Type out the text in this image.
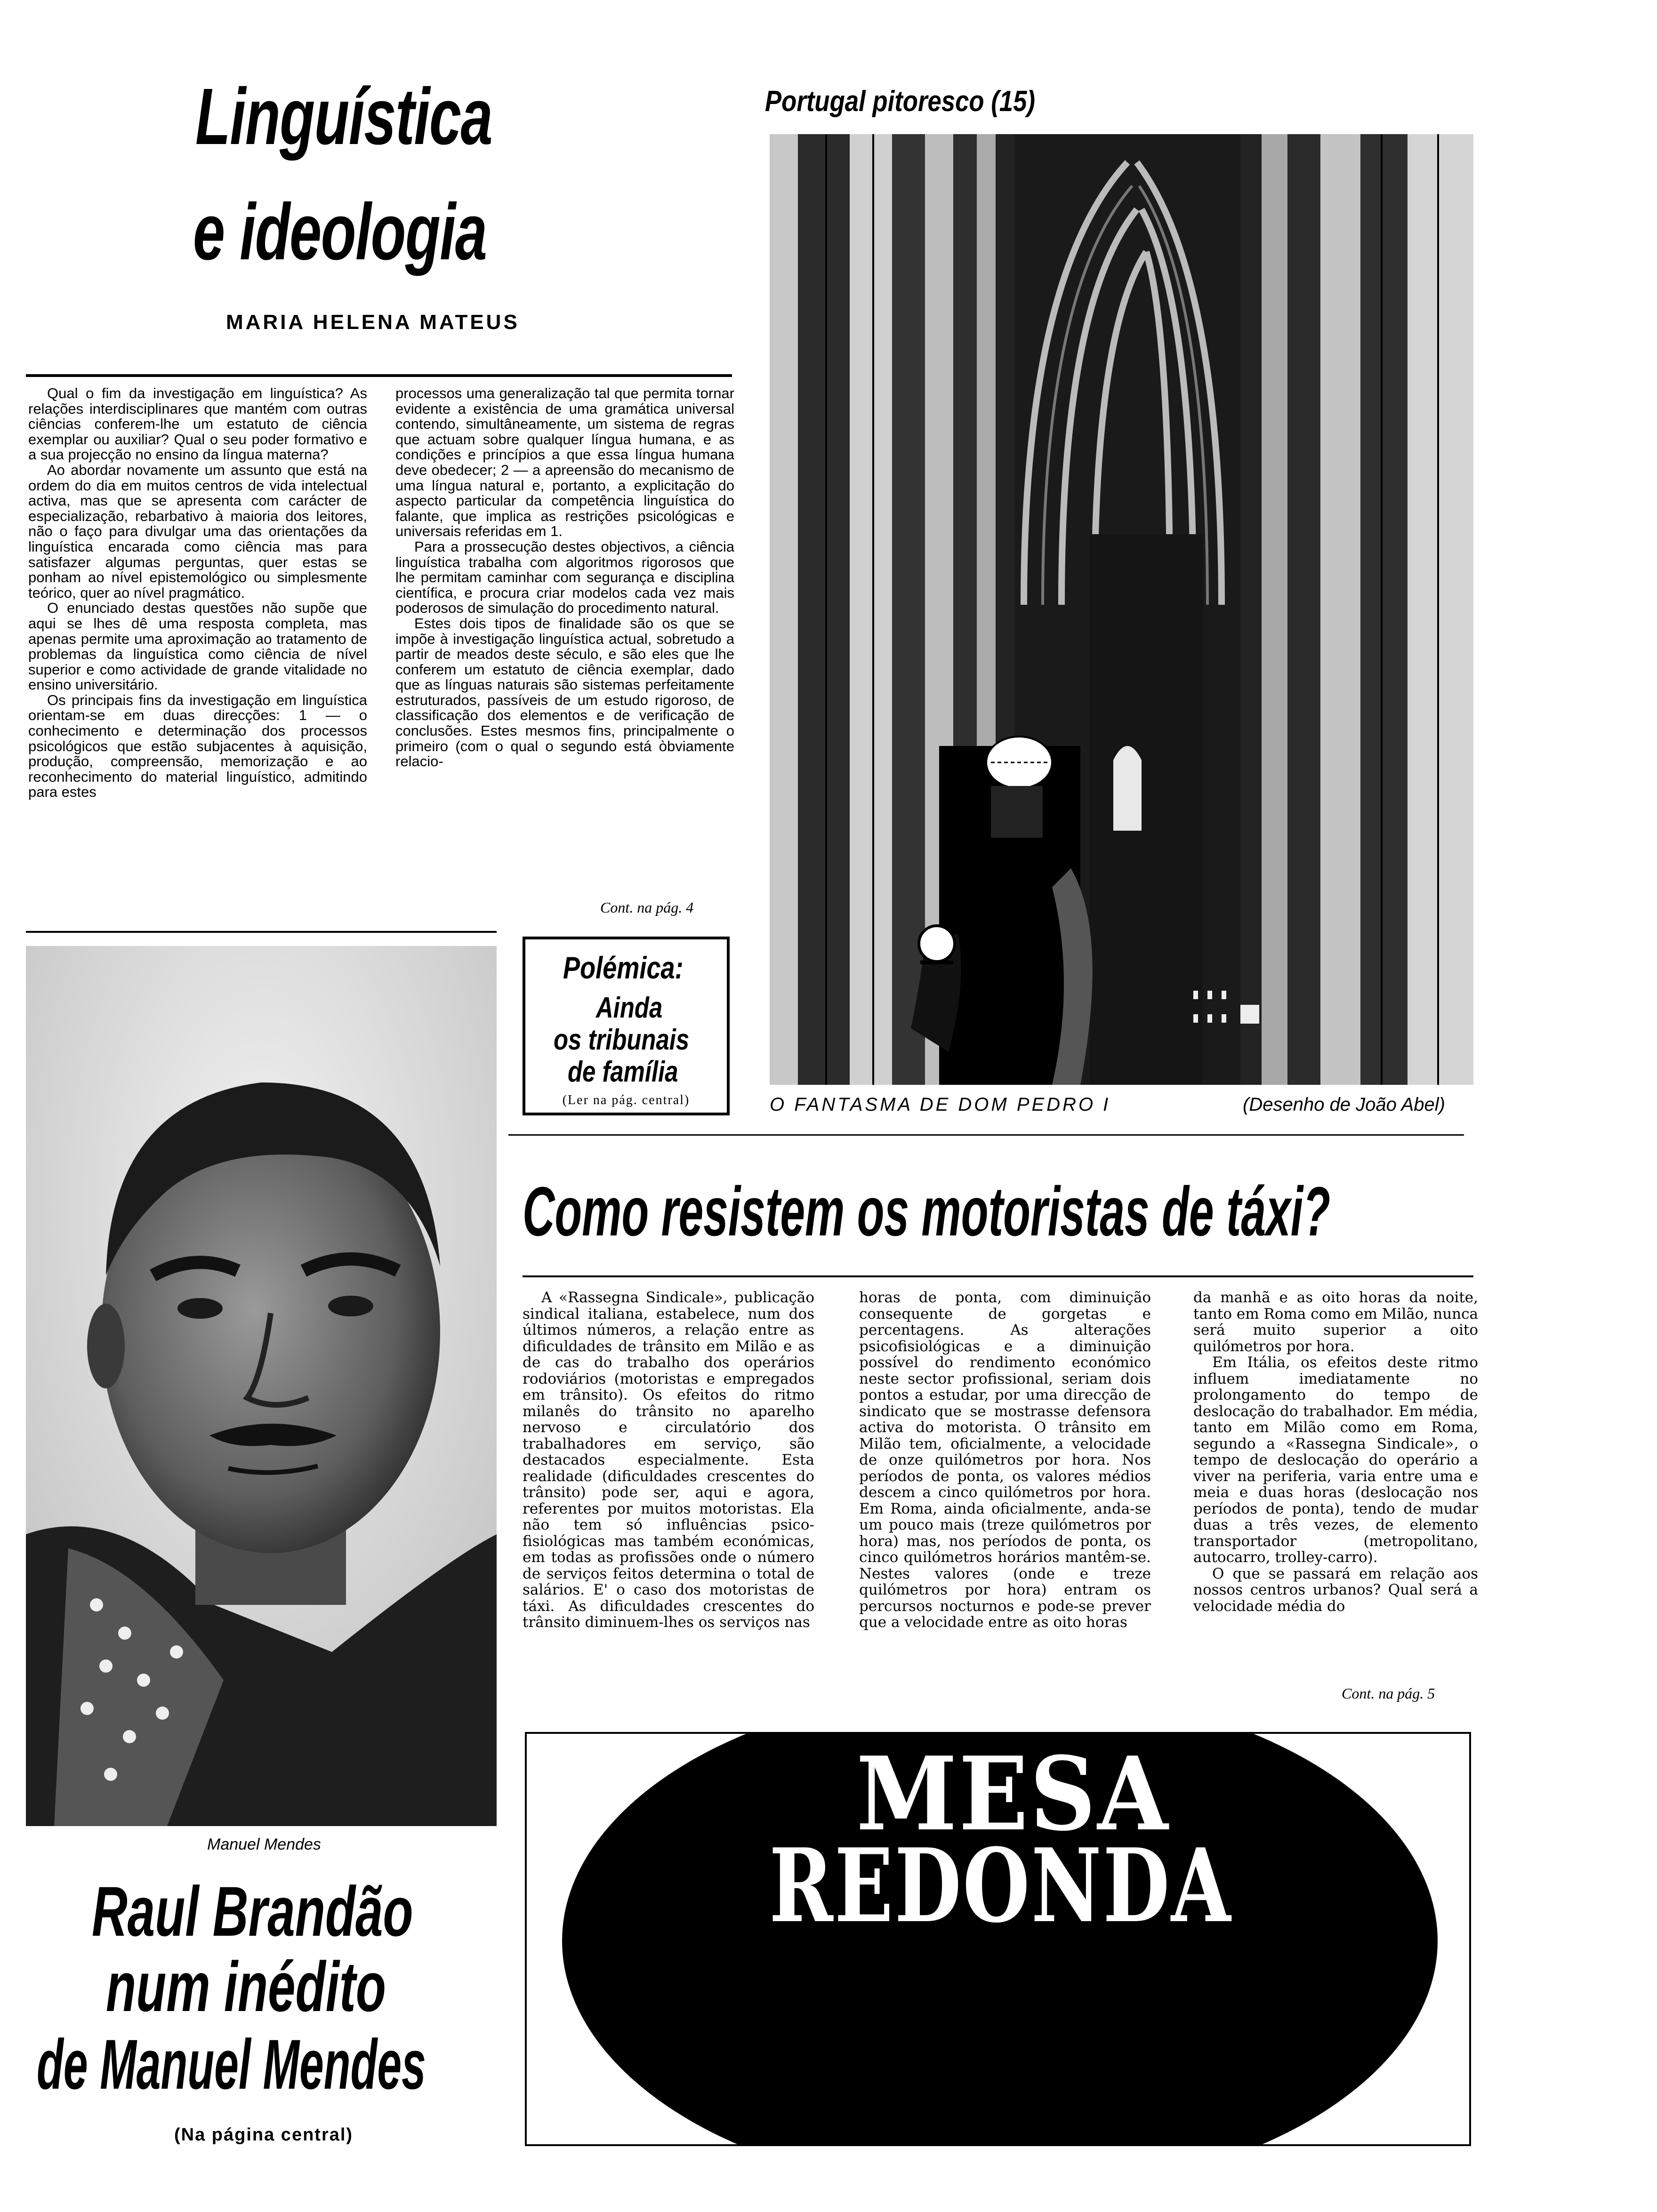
Linguística
e ideologia
MARIA HELENA MATEUS

Qual o fim da investigação em linguística? As relações interdisciplinares que mantém com outras ciências conferem-lhe um estatuto de ciência exemplar ou auxiliar? Qual o seu poder formativo e a sua projecção no ensino da língua materna?

Ao abordar novamente um assunto que está na ordem do dia em muitos centros de vida intelectual activa, mas que se apresenta com carácter de especialização, rebarbativo à maioria dos leitores, não o faço para divulgar uma das orientações da linguística encarada como ciência mas para satisfazer algumas perguntas, quer estas se ponham ao nível epistemológico ou simplesmente teórico, quer ao nível pragmático.

O enunciado destas questões não supõe que aqui se lhes dê uma resposta completa, mas apenas permite uma aproximação ao tratamento de problemas da linguística como ciência de nível superior e como actividade de grande vitalidade no ensino universitário.

Os principais fins da investigação em linguística orientam-se em duas direcções: 1 — o conhecimento e determinação dos processos psicológicos que estão subjacentes à aquisição, produção, compreensão, memorização e ao reconhecimento do material linguístico, admitindo para estes

processos uma generalização tal que permita tornar evidente a existência de uma gramática universal contendo, simultâneamente, um sistema de regras que actuam sobre qualquer língua humana, e as condições e princípios a que essa língua humana deve obedecer; 2 — a apreensão do mecanismo de uma língua natural e, portanto, a explicitação do aspecto particular da competência linguística do falante, que implica as restrições psicológicas e universais referidas em 1.

Para a prossecução destes objectivos, a ciência linguística trabalha com algoritmos rigorosos que lhe permitam caminhar com segurança e disciplina científica, e procura criar modelos cada vez mais poderosos de simulação do procedimento natural.

Estes dois tipos de finalidade são os que se impõe à investigação linguística actual, sobretudo a partir de meados deste século, e são eles que lhe conferem um estatuto de ciência exemplar, dado que as línguas naturais são sistemas perfeitamente estruturados, passíveis de um estudo rigoroso, de classificação dos elementos e de verificação de conclusões. Estes mesmos fins, principalmente o primeiro (com o qual o segundo está òbviamente relacio-

Cont. na pág. 4
Portugal pitoresco (15)
O FANTASMA DE DOM PEDRO I	(Desenho de João Abel)
Polémica:
Ainda
os tribunais
de família
(Ler na pág. central)
Manuel Mendes
Raul Brandão
num inédito
de Manuel Mendes
(Na página central)
Como resistem os motoristas de táxi?

A «Rassegna Sindicale», publicação sindical italiana, estabelece, num dos últimos números, a relação entre as dificuldades de trânsito em Milão e as de cas do trabalho dos operários rodoviários (motoristas e empregados em trânsito). Os efeitos do ritmo milanês do trânsito no aparelho nervoso e circulatório dos trabalhadores em serviço, são destacados especialmente. Esta realidade (dificuldades crescentes do trânsito) pode ser, aqui e agora, referentes por muitos motoristas. Ela não tem só influências psico-fisiológicas mas também económicas, em todas as profissões onde o número de serviços feitos determina o total de salários. E' o caso dos motoristas de táxi. As dificuldades crescentes do trânsito diminuem-lhes os serviços nas

horas de ponta, com diminuição consequente de gorgetas e percentagens. As alterações psicofisiológicas e a diminuição possível do rendimento económico neste sector profissional, seriam dois pontos a estudar, por uma direcção de sindicato que se mostrasse defensora activa do motorista. O trânsito em Milão tem, oficialmente, a velocidade de onze quilómetros por hora. Nos períodos de ponta, os valores médios descem a cinco quilómetros por hora. Em Roma, ainda oficialmente, anda-se um pouco mais (treze quilómetros por hora) mas, nos períodos de ponta, os cinco quilómetros horários mantêm-se. Nestes valores (onde e treze quilómetros por hora) entram os percursos nocturnos e pode-se prever que a velocidade entre as oito horas

da manhã e as oito horas da noite, tanto em Roma como em Milão, nunca será muito superior a oito quilómetros por hora.

Em Itália, os efeitos deste ritmo influem imediatamente no prolongamento do tempo de deslocação do trabalhador. Em média, tanto em Milão como em Roma, segundo a «Rassegna Sindicale», o tempo de deslocação do operário a viver na periferia, varia entre uma e meia e duas horas (deslocação nos períodos de ponta), tendo de mudar duas a três vezes, de elemento transportador (metropolitano, autocarro, trolley-carro).

O que se passará em relação aos nossos centros urbanos? Qual será a velocidade média do

Cont. na pág. 5
MESA
REDONDA
